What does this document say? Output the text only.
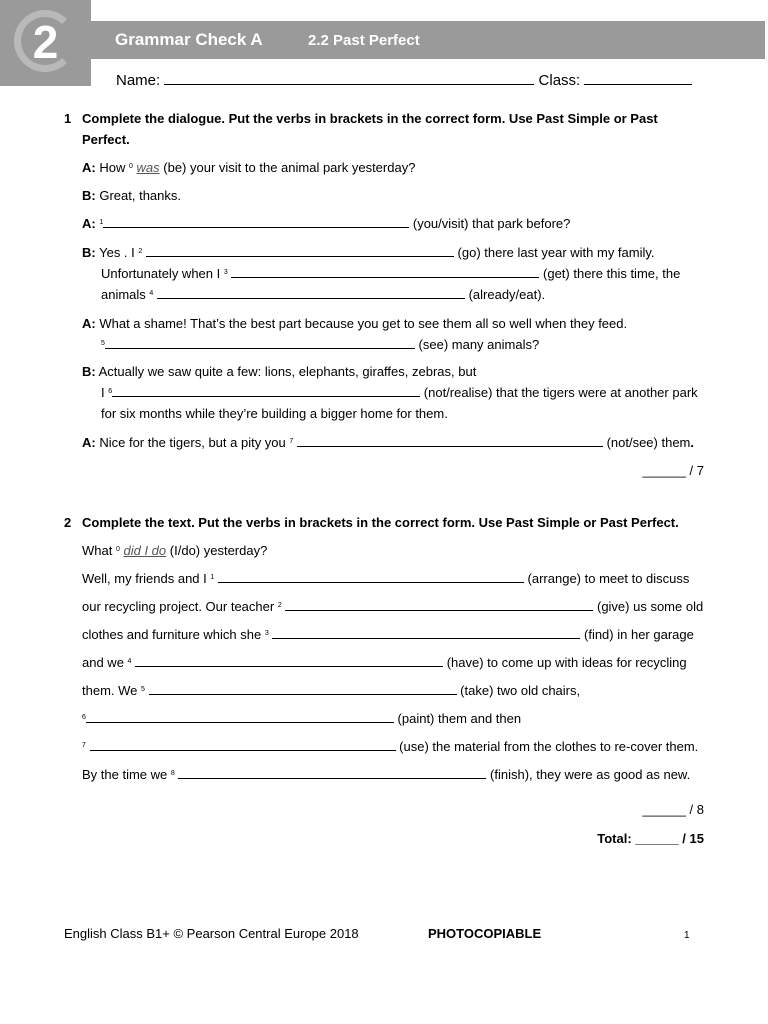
2	Grammar Check A	2.2 Past Perfect
Name:	Class:
1 Complete the dialogue. Put the verbs in brackets in the correct form. Use Past Simple or Past
Perfect.
A: How $^0$ was (be) your visit to the animal park yesterday?
B: Great, thanks.
A: $^1$	(you/visit) that park before?
B: Yes . I $^2$	(go) there last year with my family.
Unfortunately when I $^3$	(get) there this time, the
animals $^4$	(already/eat).
A: What a shame! That’s the best part because you get to see them all so well when they feed.
$^5$	(see) many animals?
B: Actually we saw quite a few: lions, elephants, giraffes, zebras, but
I $^6$	(not/realise) that the tigers were at another park
for six months while they’re building a bigger home for them.
A: Nice for the tigers, but a pity you $^7$	(not/see) them.
______ / 7
2 Complete the text. Put the verbs in brackets in the correct form. Use Past Simple or Past Perfect.
What $^0$ did I do (I/do) yesterday?
Well, my friends and I $^1$	(arrange) to meet to discuss
our recycling project. Our teacher $^2$	(give) us some old
clothes and furniture which she $^3$	(find) in her garage
and we $^4$	(have) to come up with ideas for recycling
them. We $^5$	(take) two old chairs,
$^6$	(paint) them and then
$^7$	(use) the material from the clothes to re-cover them.
By the time we $^8$	(finish), they were as good as new.
______ / 8
Total: ______ / 15
English Class B1+ © Pearson Central Europe 2018	PHOTOCOPIABLE	1
